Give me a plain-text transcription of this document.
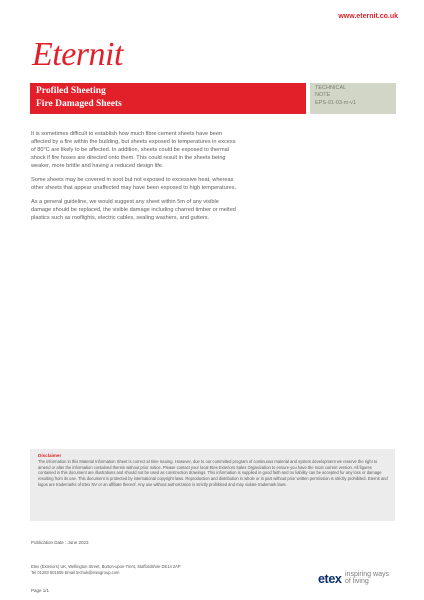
www.eternit.co.uk
Eternit
Profiled Sheeting
Fire Damaged Sheets
TECHNICAL
NOTE
EPS-01-03-m-v1

It is sometimes difficult to establish how much fibre cement sheets have been affected by a fire within the building, but sheets exposed to temperatures in excess of 80°C are likely to be affected. In addition, sheets could be exposed to thermal shock if fire hoses are directed onto them. This could result in the sheets being weaker, more brittle and having a reduced design life.

Some sheets may be covered in soot but not exposed to excessive heat, whereas other sheets that appear unaffected may have been exposed to high temperatures.

As a general guideline, we would suggest any sheet within 5m of any visible damage should be replaced, the visible damage including charred timber or melted plastics such as rooflights, electric cables, sealing washers, and gutters.

Disclaimer
The information in this Material Information Sheet is correct at time issuing. However, due to our committed program of continuous material and system development we reserve the right to amend or alter the information contained therein without prior notice. Please contact your local Etex Exteriors Sales Organization to ensure you have the most current version. All figures contained in this document are illustrations and should not be used as construction drawings. This information is supplied in good faith and no liability can be accepted for any loss or damage resulting from its use. This document is protected by international copyright laws. Reproduction and distribution in whole or in part without prior written permission is strictly prohibited. Eternit and logos are trademarks of Etex NV or an affiliate thereof. Any use without authorization is strictly prohibited and may violate trademark laws.
Publication Date : June 2023
Etex (Exteriors) UK, Wellington Street, Burton-upon-Trent, Staffordshire DE14 2AP
Tel 01283 501505 Email techuk@etexgroup.com
Page 1/1
etex inspiring ways
of living
